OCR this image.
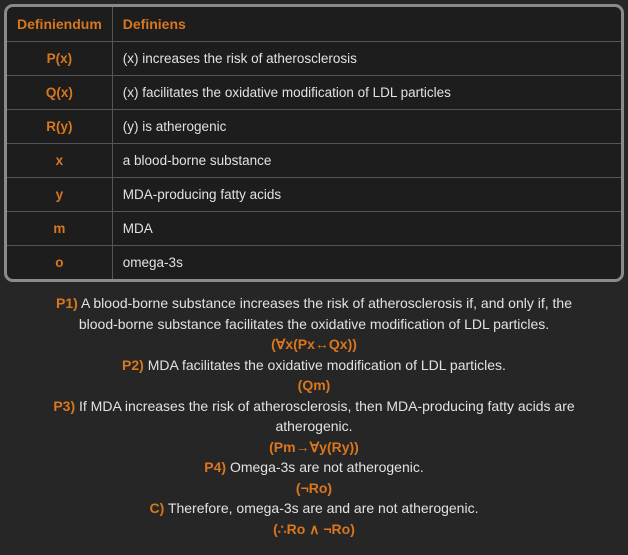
Definiendum	Definiens
P(x)	(x) increases the risk of atherosclerosis
Q(x)	(x) facilitates the oxidative modification of LDL particles
R(y)	(y) is atherogenic
x	a blood-borne substance
y	MDA-producing fatty acids
m	MDA
o	omega-3s
P1) A blood-borne substance increases the risk of atherosclerosis if, and only if, the blood-borne substance facilitates the oxidative modification of LDL particles.
(∀x(Px↔Qx))
P2) MDA facilitates the oxidative modification of LDL particles.
(Qm)
P3) If MDA increases the risk of atherosclerosis, then MDA-producing fatty acids are atherogenic.
(Pm→∀y(Ry))
P4) Omega-3s are not atherogenic.
(¬Ro)
C) Therefore, omega-3s are and are not atherogenic.
(∴Ro ∧ ¬Ro)
